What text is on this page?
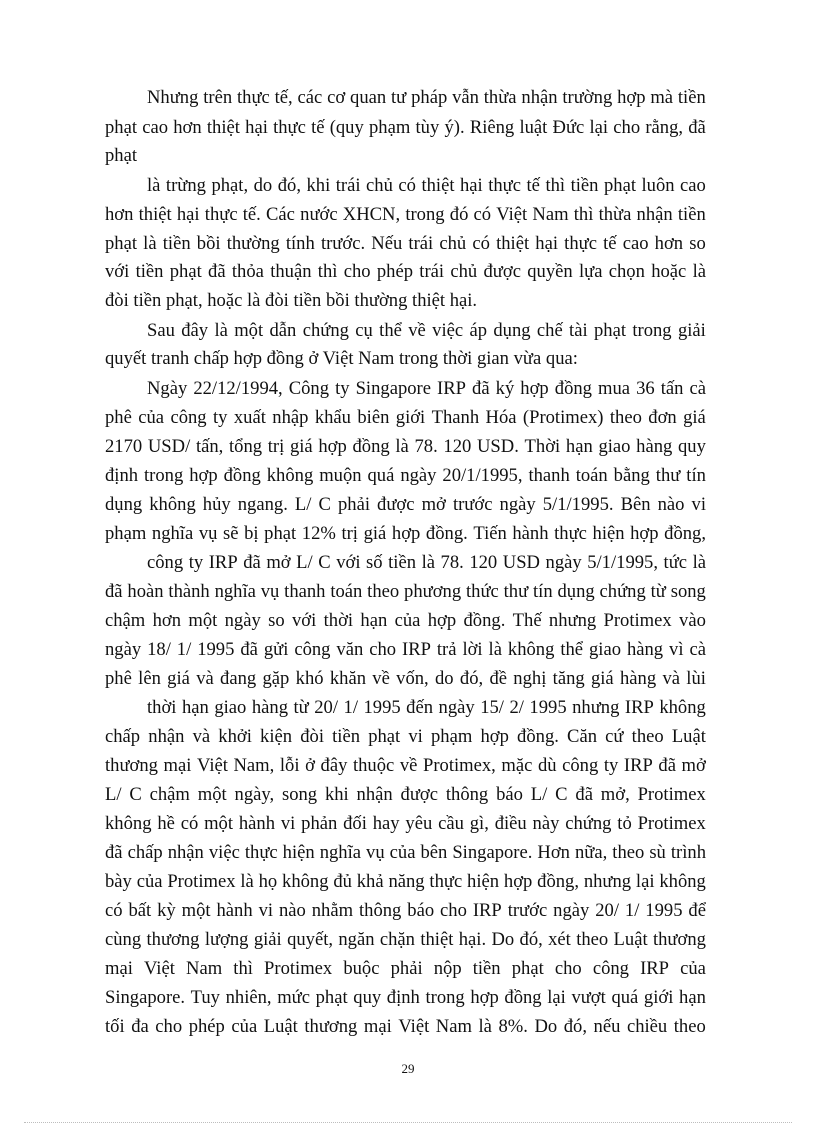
Nhưng trên thực tế, các cơ quan tư pháp vẫn thừa nhận trường hợp mà tiền
phạt cao hơn thiệt hại thực tế (quy phạm tùy ý). Riêng luật Đức lại cho rằng, đã
phạt
là trừng phạt, do đó, khi trái chủ có thiệt hại thực tế thì tiền phạt luôn cao
hơn thiệt hại thực tế. Các nước XHCN, trong đó có Việt Nam thì thừa nhận tiền
phạt là tiền bồi thường tính trước. Nếu trái chủ có thiệt hại thực tế cao hơn so
với tiền phạt đã thỏa thuận thì cho phép trái chủ được quyền lựa chọn hoặc là
đòi tiền phạt, hoặc là đòi tiền bồi thường thiệt hại.
Sau đây là một dẫn chứng cụ thể về việc áp dụng chế tài phạt trong giải
quyết tranh chấp hợp đồng ở Việt Nam trong thời gian vừa qua:
Ngày 22/12/1994, Công ty Singapore IRP đã ký hợp đồng mua 36 tấn cà
phê của công ty xuất nhập khẩu biên giới Thanh Hóa (Protimex) theo đơn giá
2170 USD/ tấn, tổng trị giá hợp đồng là 78. 120 USD. Thời hạn giao hàng quy
định trong hợp đồng không muộn quá ngày 20/1/1995, thanh toán bằng thư tín
dụng không hủy ngang. L/ C phải được mở trước ngày 5/1/1995. Bên nào vi
phạm nghĩa vụ sẽ bị phạt 12% trị giá hợp đồng. Tiến hành thực hiện hợp đồng,
công ty IRP đã mở L/ C với số tiền là 78. 120 USD ngày 5/1/1995, tức là
đã hoàn thành nghĩa vụ thanh toán theo phương thức thư tín dụng chứng từ song
chậm hơn một ngày so với thời hạn của hợp đồng. Thế nhưng Protimex vào
ngày 18/ 1/ 1995 đã gửi công văn cho IRP trả lời là không thể giao hàng vì cà
phê lên giá và đang gặp khó khăn về vốn, do đó, đề nghị tăng giá hàng và lùi
thời hạn giao hàng từ 20/ 1/ 1995 đến ngày 15/ 2/ 1995 nhưng IRP không
chấp nhận và khởi kiện đòi tiền phạt vi phạm hợp đồng. Căn cứ theo Luật
thương mại Việt Nam, lỗi ở đây thuộc về Protimex, mặc dù công ty IRP đã mở
L/ C chậm một ngày, song khi nhận được thông báo L/ C đã mở, Protimex
không hề có một hành vi phản đối hay yêu cầu gì, điều này chứng tỏ Protimex
đã chấp nhận việc thực hiện nghĩa vụ của bên Singapore. Hơn nữa, theo sù trình
bày của Protimex là họ không đủ khả năng thực hiện hợp đồng, nhưng lại không
có bất kỳ một hành vi nào nhằm thông báo cho IRP trước ngày 20/ 1/ 1995 để
cùng thương lượng giải quyết, ngăn chặn thiệt hại. Do đó, xét theo Luật thương
mại Việt Nam thì Protimex buộc phải nộp tiền phạt cho công IRP của
Singapore. Tuy nhiên, mức phạt quy định trong hợp đồng lại vượt quá giới hạn
tối đa cho phép của Luật thương mại Việt Nam là 8%. Do đó, nếu chiều theo
29
